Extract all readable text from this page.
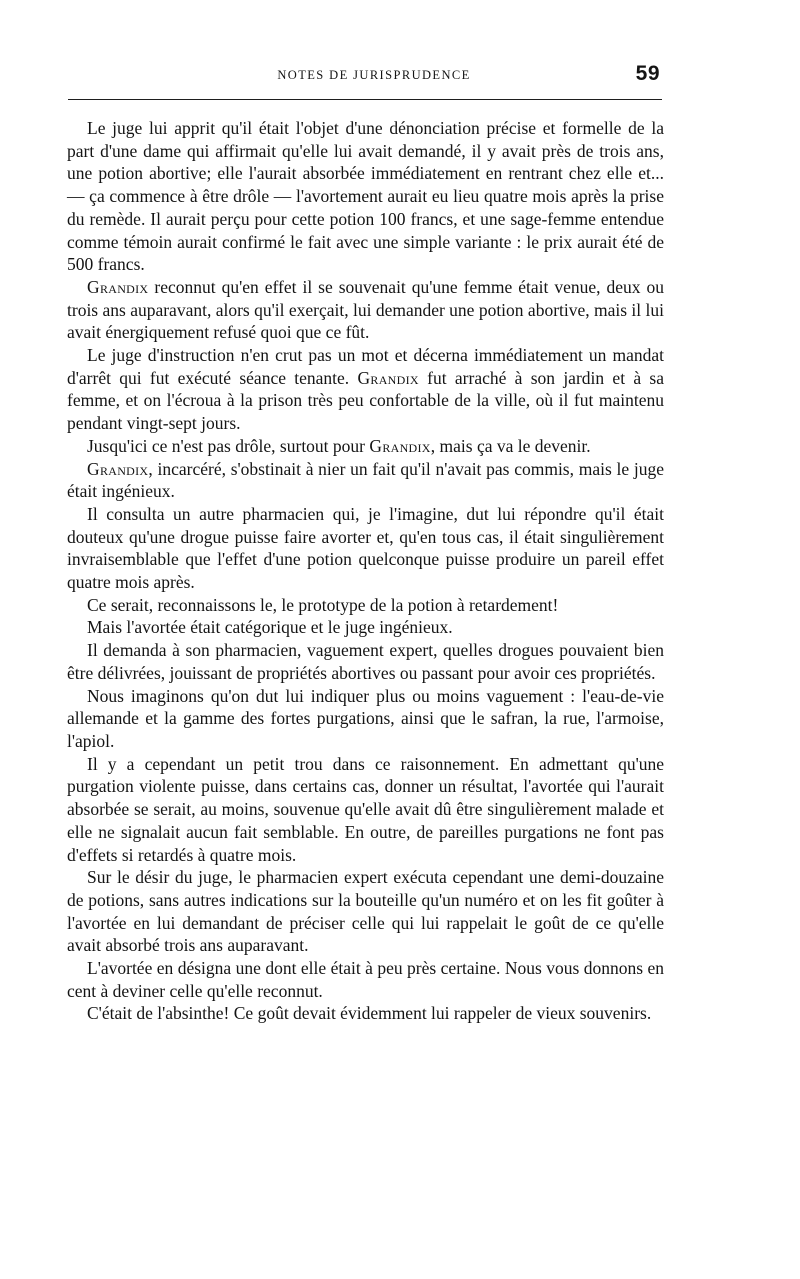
NOTES DE JURISPRUDENCE	59

Le juge lui apprit qu'il était l'objet d'une dénonciation précise et formelle de la part d'une dame qui affirmait qu'elle lui avait demandé, il y avait près de trois ans, une potion abortive; elle l'aurait absorbée immédiatement en rentrant chez elle et... — ça commence à être drôle — l'avortement aurait eu lieu quatre mois après la prise du remède. Il aurait perçu pour cette potion 100 francs, et une sage-femme entendue comme témoin aurait confirmé le fait avec une simple variante : le prix aurait été de 500 francs.

Grandix reconnut qu'en effet il se souvenait qu'une femme était venue, deux ou trois ans auparavant, alors qu'il exerçait, lui demander une potion abortive, mais il lui avait énergiquement refusé quoi que ce fût.

Le juge d'instruction n'en crut pas un mot et décerna immédiatement un mandat d'arrêt qui fut exécuté séance tenante. Grandix fut arraché à son jardin et à sa femme, et on l'écroua à la prison très peu confortable de la ville, où il fut maintenu pendant vingt-sept jours.

Jusqu'ici ce n'est pas drôle, surtout pour Grandix, mais ça va le devenir.

Grandix, incarcéré, s'obstinait à nier un fait qu'il n'avait pas commis, mais le juge était ingénieux.

Il consulta un autre pharmacien qui, je l'imagine, dut lui répondre qu'il était douteux qu'une drogue puisse faire avorter et, qu'en tous cas, il était singulièrement invraisemblable que l'effet d'une potion quelconque puisse produire un pareil effet quatre mois après.

Ce serait, reconnaissons le, le prototype de la potion à retardement!

Mais l'avortée était catégorique et le juge ingénieux.

Il demanda à son pharmacien, vaguement expert, quelles drogues pouvaient bien être délivrées, jouissant de propriétés abortives ou passant pour avoir ces propriétés.

Nous imaginons qu'on dut lui indiquer plus ou moins vaguement : l'eau-de-vie allemande et la gamme des fortes purgations, ainsi que le safran, la rue, l'armoise, l'apiol.

Il y a cependant un petit trou dans ce raisonnement. En admettant qu'une purgation violente puisse, dans certains cas, donner un résultat, l'avortée qui l'aurait absorbée se serait, au moins, souvenue qu'elle avait dû être singulièrement malade et elle ne signalait aucun fait semblable. En outre, de pareilles purgations ne font pas d'effets si retardés à quatre mois.

Sur le désir du juge, le pharmacien expert exécuta cependant une demi-douzaine de potions, sans autres indications sur la bouteille qu'un numéro et on les fit goûter à l'avortée en lui demandant de préciser celle qui lui rappelait le goût de ce qu'elle avait absorbé trois ans auparavant.

L'avortée en désigna une dont elle était à peu près certaine. Nous vous donnons en cent à deviner celle qu'elle reconnut.

C'était de l'absinthe! Ce goût devait évidemment lui rappeler de vieux souvenirs.
